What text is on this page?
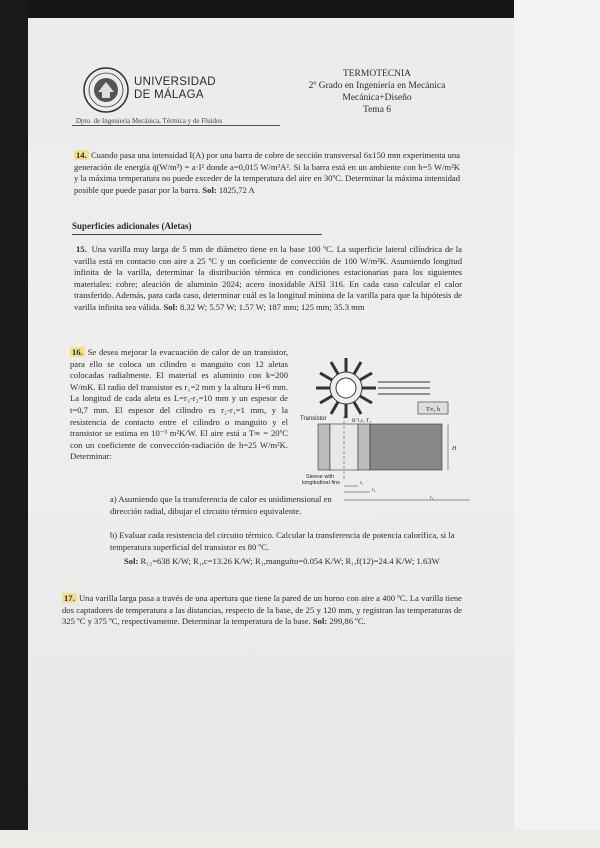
UNIVERSIDAD
DE MÁLAGA
Dpto. de Ingeniería Mecánica, Térmica y de Fluidos
TERMOTECNIA
2º Grado en Ingeniería en Mecánica
Mecánica+Diseño
Tema 6
14. Cuando pasa una intensidad I(A) por una barra de cobre de sección transversal 6x150 mm experimenta una generación de energía q̇(W/m³) = a·I² donde a=0,015 W/m³A². Si la barra está en un ambiente con h=5 W/m²K y la máxima temperatura no puede exceder de la temperatura del aire en 30ºC. Determinar la máxima intensidad posible que puede pasar por la barra. Sol: 1825,72 A
Superficies adicionales (Aletas)
15. Una varilla muy larga de 5 mm de diámetro tiene en la base 100 ºC. La superficie lateral cilíndrica de la varilla está en contacto con aire a 25 ºC y un coeficiente de convección de 100 W/m²K. Asumiendo longitud infinita de la varilla, determinar la distribución térmica en condiciones estacionarias para los siguientes materiales: cobre; aleación de aluminio 2024; acero inoxidable AISI 316. En cada caso calcular el calor transferido. Además, para cada caso, determinar cuál es la longitud mínima de la varilla para que la hipótesis de varilla infinita sea válida. Sol: 8.32 W; 5.57 W; 1.57 W; 187 mm; 125 mm; 35.3 mm
16. Se desea mejorar la evacuación de calor de un transistor, para ello se coloca un cilindro o manguito con 12 aletas colocadas radialmente. El material es aluminio con k=200 W/mK. El radio del transistor es r₁=2 mm y la altura H=6 mm. La longitud de cada aleta es L=r₃-r₂=10 mm y un espesor de t=0,7 mm. El espesor del cilindro es r₂-r₁=1 mm, y la resistencia de contacto entre el cilindro o manguito y el transistor se estima en 10⁻³ m²K/W. El aire está a T∞ = 20ºC con un coeficiente de convección-radiación de h=25 W/m²K. Determinar:
T∞, h
Transistor	R″t,c, T₁
H
Sleeve with
longitudinal fins	r₁
r₂
r₃
a) Asumiendo que la transferencia de calor es unidimensional en dirección radial, dibujar el circuito térmico equivalente.
b) Evaluar cada resistencia del circuito térmico. Calcular la transferencia de potencia calorífica, si la temperatura superficial del transistor es 80 ºC.
Sol: R₁₂=638 K/W; R₁,c=13.26 K/W; R₁,manguito=0.054 K/W; R₁,f(12)=24.4 K/W; 1.63W
17. Una varilla larga pasa a través de una apertura que tiene la pared de un horno con aire a 400 ºC. La varilla tiene dos captadores de temperatura a las distancias, respecto de la base, de 25 y 120 mm, y registran las temperaturas de 325 ºC y 375 ºC, respectivamente. Determinar la temperatura de la base. Sol: 299,86 ºC.
